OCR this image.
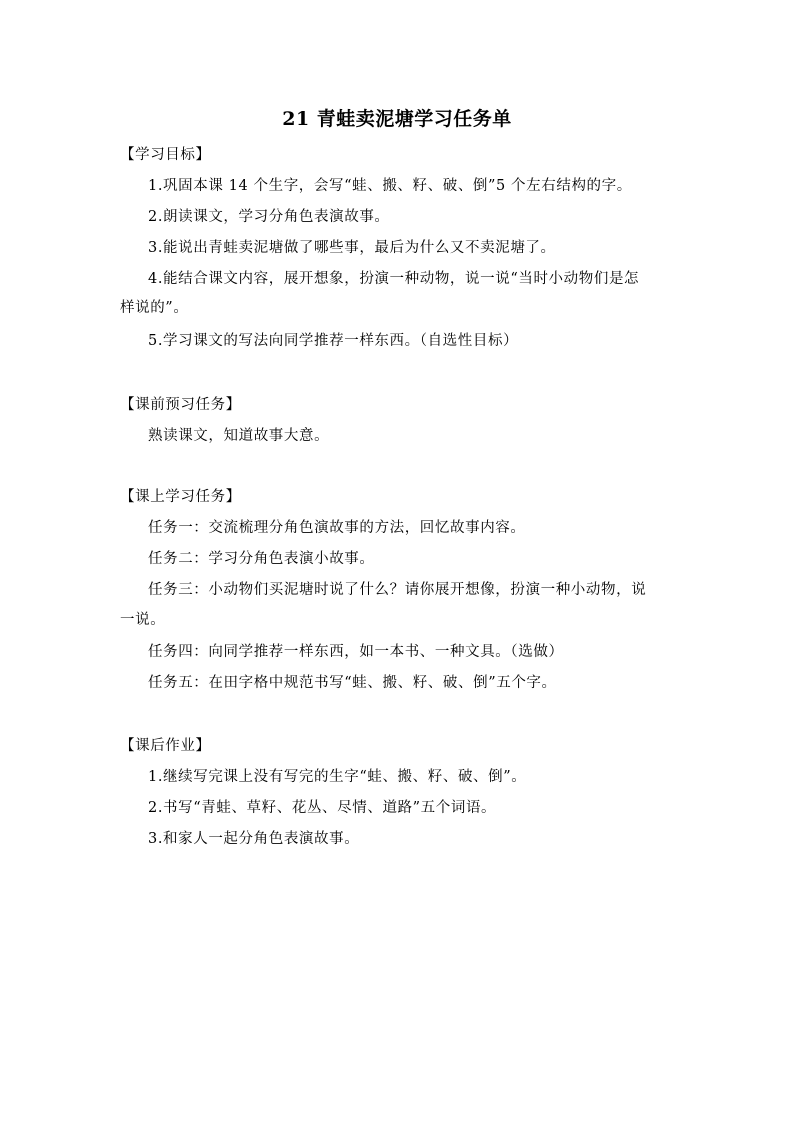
21 青蛙卖泥塘学习任务单
【学习目标】
1.巩固本课 14 个生字，会写“蛙、搬、籽、破、倒”5 个左右结构的字。
2.朗读课文，学习分角色表演故事。
3.能说出青蛙卖泥塘做了哪些事，最后为什么又不卖泥塘了。
4.能结合课文内容，展开想象，扮演一种动物，说一说“当时小动物们是怎
样说的”。
5.学习课文的写法向同学推荐一样东西。（自选性目标）
【课前预习任务】
熟读课文，知道故事大意。
【课上学习任务】
任务一：交流梳理分角色演故事的方法，回忆故事内容。
任务二：学习分角色表演小故事。
任务三：小动物们买泥塘时说了什么？请你展开想像，扮演一种小动物，说
一说。
任务四：向同学推荐一样东西，如一本书、一种文具。（选做）
任务五：在田字格中规范书写“蛙、搬、籽、破、倒”五个字。
【课后作业】
1.继续写完课上没有写完的生字“蛙、搬、籽、破、倒”。
2.书写“青蛙、草籽、花丛、尽情、道路”五个词语。
3.和家人一起分角色表演故事。
